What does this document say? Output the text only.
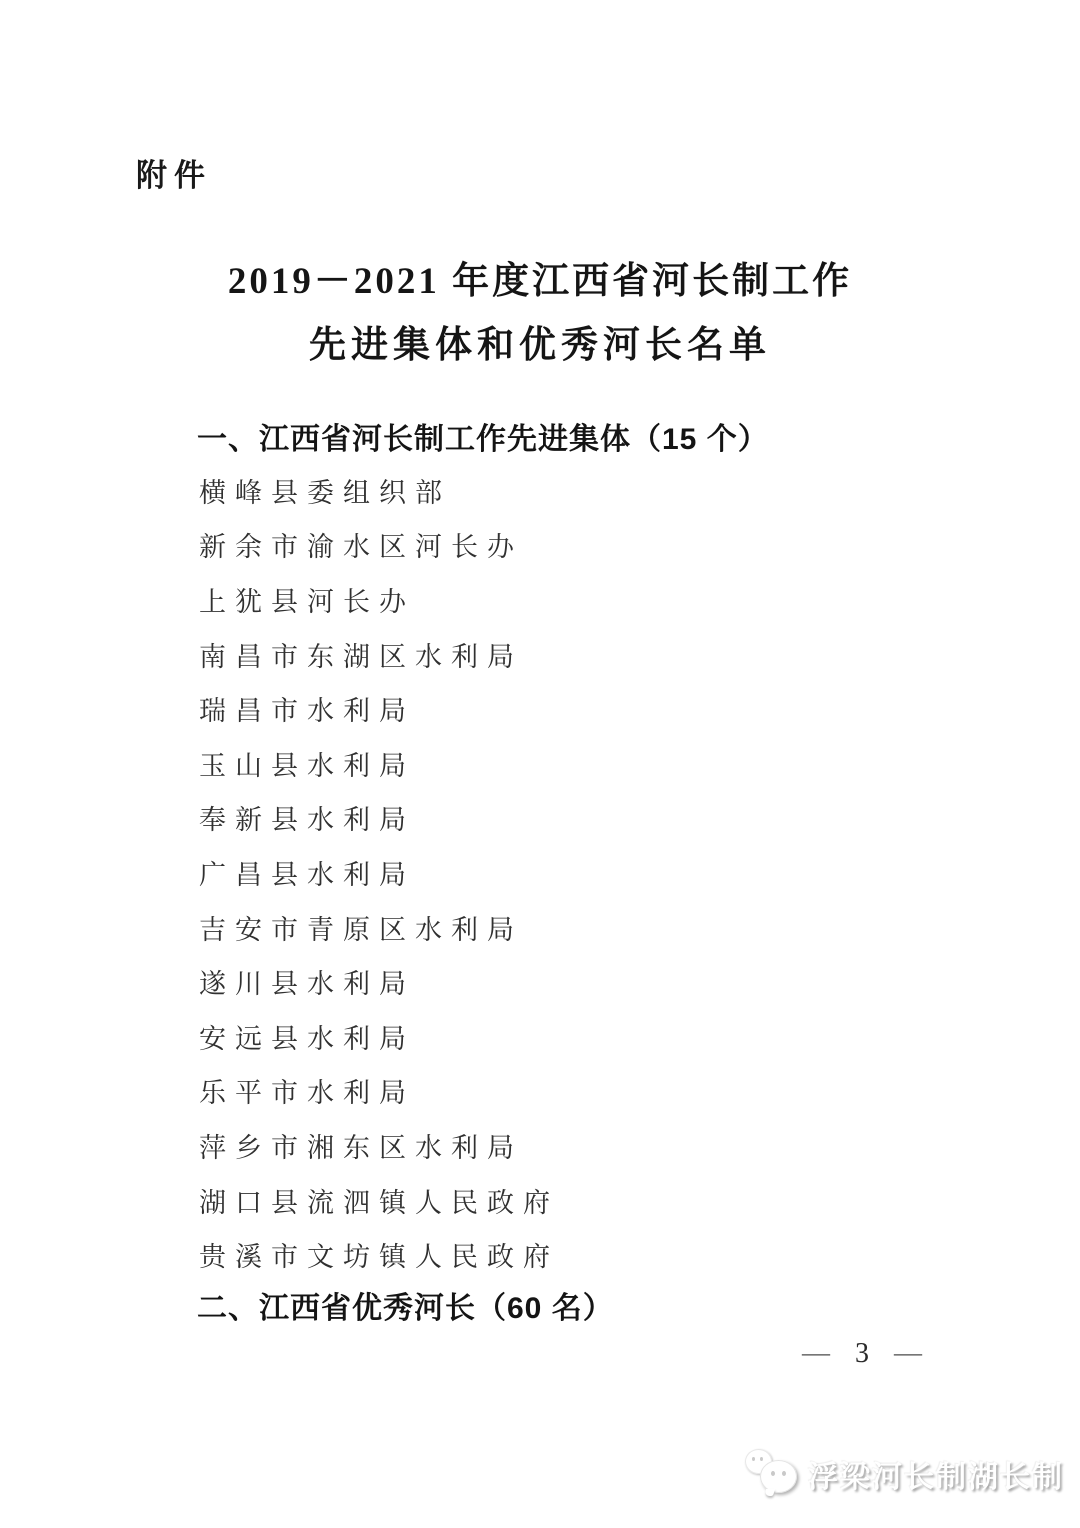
附件
2019－2021 年度江西省河长制工作
先进集体和优秀河长名单
一、江西省河长制工作先进集体（15 个）
横峰县委组织部
新余市渝水区河长办
上犹县河长办
南昌市东湖区水利局
瑞昌市水利局
玉山县水利局
奉新县水利局
广昌县水利局
吉安市青原区水利局
遂川县水利局
安远县水利局
乐平市水利局
萍乡市湘东区水利局
湖口县流泗镇人民政府
贵溪市文坊镇人民政府
二、江西省优秀河长（60 名）
— 3 —
浮梁河长制湖长制
